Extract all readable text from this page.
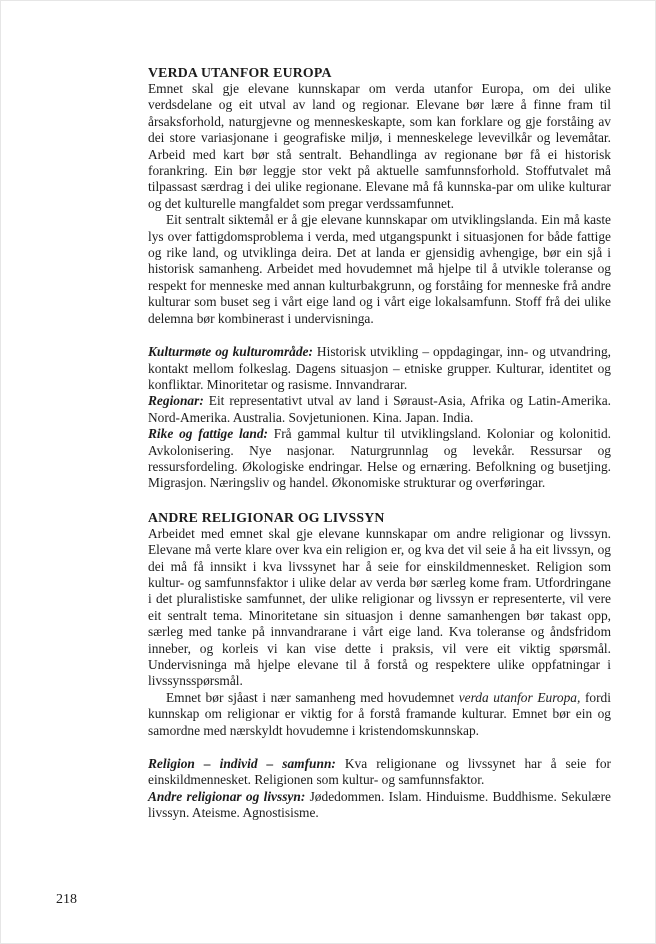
VERDA UTANFOR EUROPA

Emnet skal gje elevane kunnskapar om verda utanfor Europa, om dei ulike verdsdelane og eit utval av land og regionar. Elevane bør lære å finne fram til årsaksforhold, naturgjevne og menneskeskapte, som kan forklare og gje forståing av dei store variasjonane i geografiske miljø, i menneskelege levevilkår og levemåtar. Arbeid med kart bør stå sentralt. Behandlinga av regionane bør få ei historisk forankring. Ein bør leggje stor vekt på aktuelle samfunnsforhold. Stoffutvalet må tilpassast særdrag i dei ulike regionane. Elevane må få kunnska-par om ulike kulturar og det kulturelle mangfaldet som pregar verdssamfunnet.

Eit sentralt siktemål er å gje elevane kunnskapar om utviklingslanda. Ein må kaste lys over fattigdomsproblema i verda, med utgangspunkt i situasjonen for både fattige og rike land, og utviklinga deira. Det at landa er gjensidig avhengige, bør ein sjå i historisk samanheng. Arbeidet med hovudemnet må hjelpe til å utvikle toleranse og respekt for menneske med annan kulturbakgrunn, og forståing for menneske frå andre kulturar som buset seg i vårt eige land og i vårt eige lokalsamfunn. Stoff frå dei ulike delemna bør kombinerast i undervisninga.

Kulturmøte og kulturområde: Historisk utvikling – oppdagingar, inn- og utvandring, kontakt mellom folkeslag. Dagens situasjon – etniske grupper. Kulturar, identitet og konfliktar. Minoritetar og rasisme. Innvandrarar.

Regionar: Eit representativt utval av land i Søraust-Asia, Afrika og Latin-Amerika. Nord-Amerika. Australia. Sovjetunionen. Kina. Japan. India.

Rike og fattige land: Frå gammal kultur til utviklingsland. Koloniar og kolonitid. Avkolonisering. Nye nasjonar. Naturgrunnlag og levekår. Ressursar og ressursfordeling. Økologiske endringar. Helse og ernæring. Befolkning og busetjing. Migrasjon. Næringsliv og handel. Økonomiske strukturar og overføringar.

ANDRE RELIGIONAR OG LIVSSYN

Arbeidet med emnet skal gje elevane kunnskapar om andre religionar og livssyn. Elevane må verte klare over kva ein religion er, og kva det vil seie å ha eit livssyn, og dei må få innsikt i kva livssynet har å seie for einskildmennesket. Religion som kultur- og samfunnsfaktor i ulike delar av verda bør særleg kome fram. Utfordringane i det pluralistiske samfunnet, der ulike religionar og livssyn er representerte, vil vere eit sentralt tema. Minoritetane sin situasjon i denne samanhengen bør takast opp, særleg med tanke på innvandrarane i vårt eige land. Kva toleranse og åndsfridom inneber, og korleis vi kan vise dette i praksis, vil vere eit viktig spørsmål. Undervisninga må hjelpe elevane til å forstå og respektere ulike oppfatningar i livssynsspørsmål.

Emnet bør sjåast i nær samanheng med hovudemnet verda utanfor Europa, fordi kunnskap om religionar er viktig for å forstå framande kulturar. Emnet bør ein og samordne med nærskyldt hovudemne i kristendomskunnskap.

Religion – individ – samfunn: Kva religionane og livssynet har å seie for einskildmennesket. Religionen som kultur- og samfunnsfaktor.

Andre religionar og livssyn: Jødedommen. Islam. Hinduisme. Buddhisme. Sekulære livssyn. Ateisme. Agnostisisme.

218
